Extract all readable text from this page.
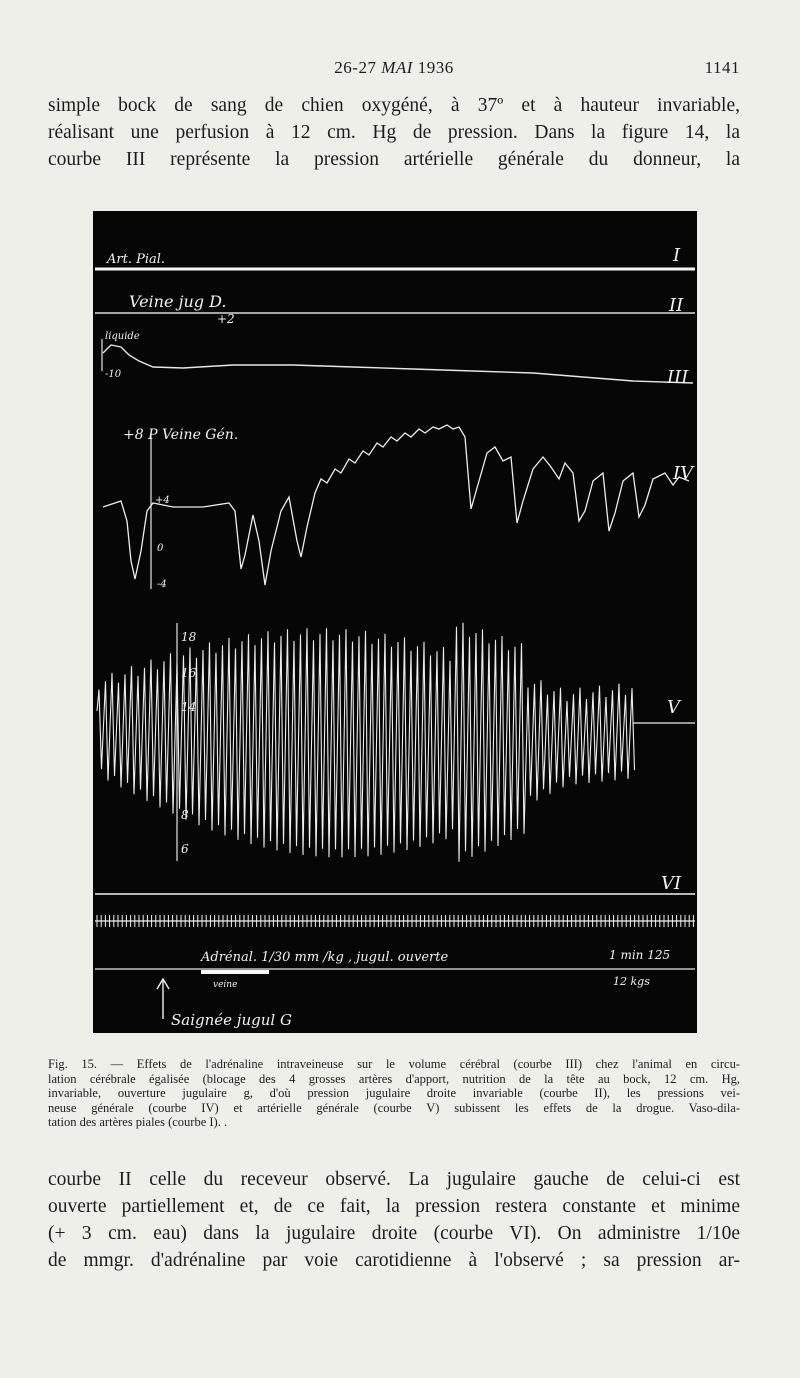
26-27 MAI 1936	1141
simple bock de sang de chien oxygéné, à 37º et à hauteur invariable,
réalisant une perfusion à 12 cm. Hg de pression. Dans la figure 14, la
courbe III représente la pression artérielle générale du donneur, la
Art. Pial.	I
Veine jug D.
+2
II
liquide
-10	III
+8 P Veine Gén.
+4
0
-4
IV
18
16
14
8
6
V
VI
Adrénal. 1/30 mm /kg , jugul. ouverte	1 min 125
veine	12 kgs
Saignée jugul G
Fig. 15. — Effets de l'adrénaline intraveineuse sur le volume cérébral (courbe III) chez l'animal en circu-
lation cérébrale égalisée (blocage des 4 grosses artères d'apport, nutrition de la tête au bock, 12 cm. Hg,
invariable, ouverture jugulaire g, d'où pression jugulaire droite invariable (courbe II), les pressions vei-
neuse générale (courbe IV) et artérielle générale (courbe V) subissent les effets de la drogue. Vaso-dila-
tation des artères piales (courbe I). .
courbe II celle du receveur observé. La jugulaire gauche de celui-ci est
ouverte partiellement et, de ce fait, la pression restera constante et minime
(+ 3 cm. eau) dans la jugulaire droite (courbe VI). On administre 1/10e
de mmgr. d'adrénaline par voie carotidienne à l'observé ; sa pression ar-
